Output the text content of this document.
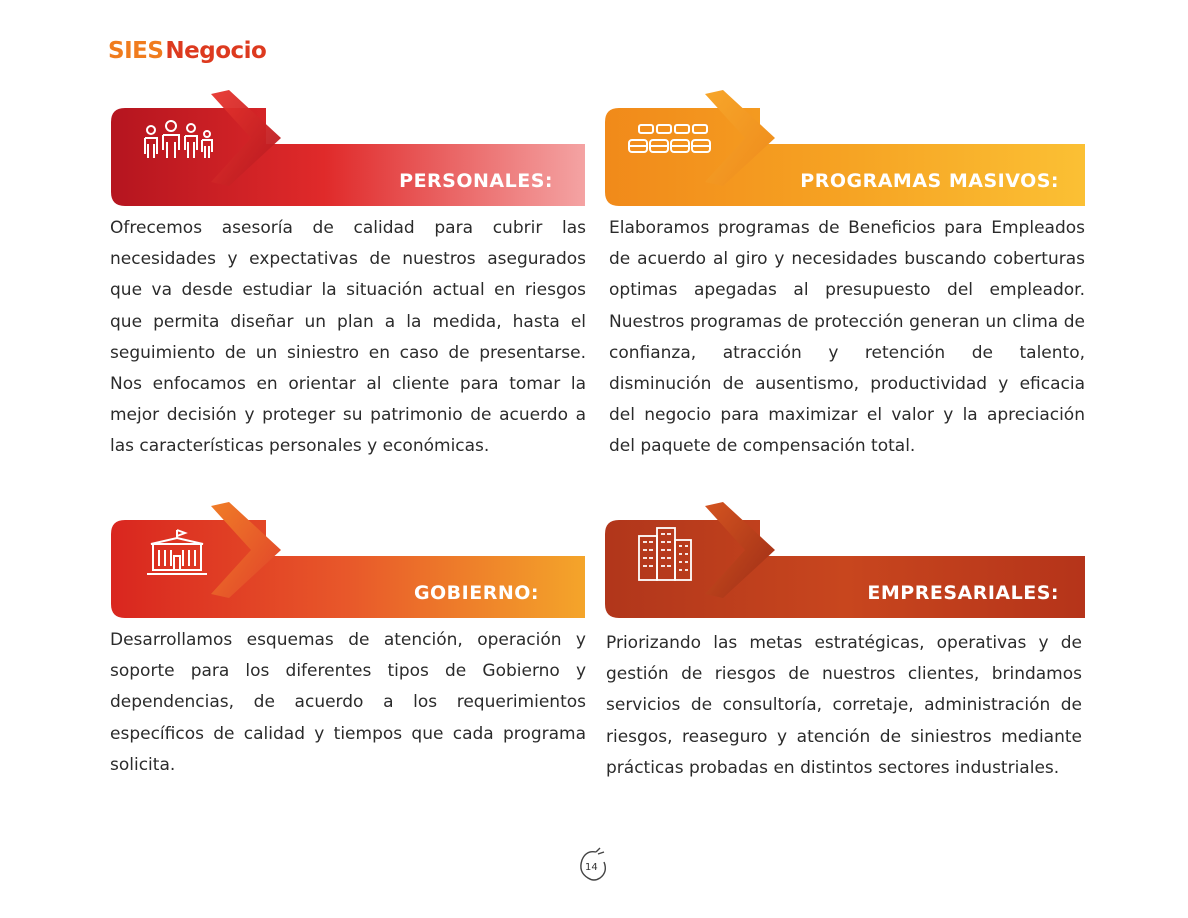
SIESNegocio
PERSONALES:

Ofrecemos asesoría de calidad para cubrir las necesidades y expectativas de nuestros asegurados que va desde estudiar la situación actual en riesgos que permita diseñar un plan a la medida, hasta el seguimiento de un siniestro en caso de presentarse. Nos enfocamos en orientar al cliente para tomar la mejor decisión y proteger su patrimonio de acuerdo a las características personales y económicas.

PROGRAMAS MASIVOS:

Elaboramos programas de Beneficios para Empleados de acuerdo al giro y necesidades buscando coberturas optimas apegadas al presupuesto del empleador. Nuestros programas de protección generan un clima de confianza, atracción y retención de talento, disminución de ausentismo, productividad y eficacia del negocio para maximizar el valor y la apreciación del paquete de compensación total.

GOBIERNO:

Desarrollamos esquemas de atención, operación y soporte para los diferentes tipos de Gobierno y dependencias, de acuerdo a los requerimientos específicos de calidad y tiempos que cada programa solicita.

EMPRESARIALES:

Priorizando las metas estratégicas, operativas y de gestión de riesgos de nuestros clientes, brindamos servicios de consultoría, corretaje, administración de riesgos, reaseguro y atención de siniestros mediante prácticas probadas en distintos sectores industriales.

14
